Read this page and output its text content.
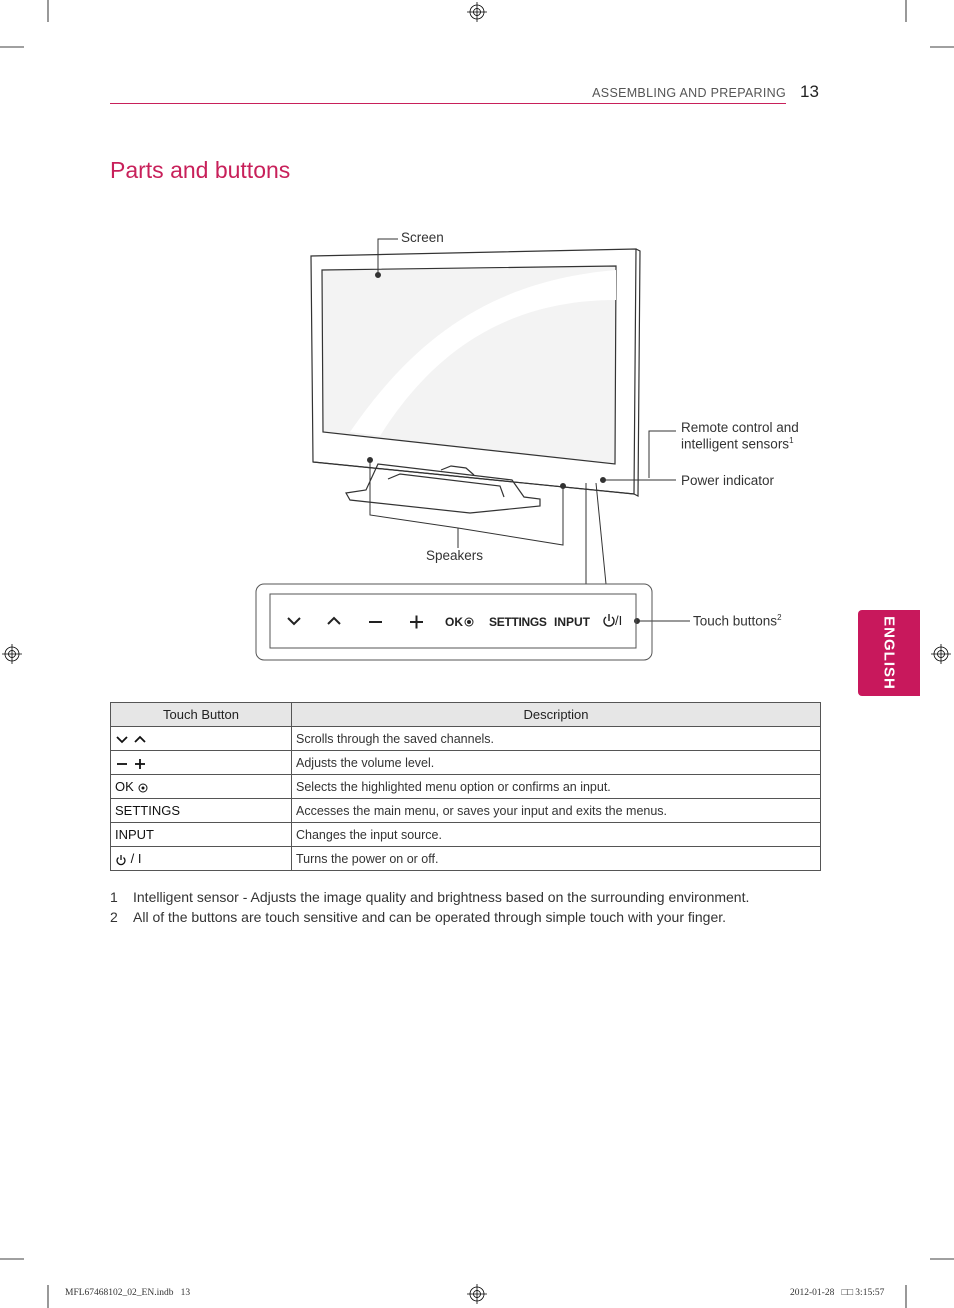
ASSEMBLING AND PREPARING 13
Parts and buttons
ENGLISH
Screen
Remote control and
intelligent sensors$^1$
Power indicator
Speakers
Touch buttons$^2$
OK SETTINGS INPUT /I
Touch Button	Description
	Scrolls through the saved channels.
	Adjusts the volume level.
OK	Selects the highlighted menu option or confirms an input.
SETTINGS	Accesses the main menu, or saves your input and exits the menus.
INPUT	Changes the input source.
/ I	Turns the power on or off.
1 Intelligent sensor - Adjusts the image quality and brightness based on the surrounding environment.
2 All of the buttons are touch sensitive and can be operated through simple touch with your finger.
MFL67468102_02_EN.indb   13	2012-01-28   □□ 3:15:57
